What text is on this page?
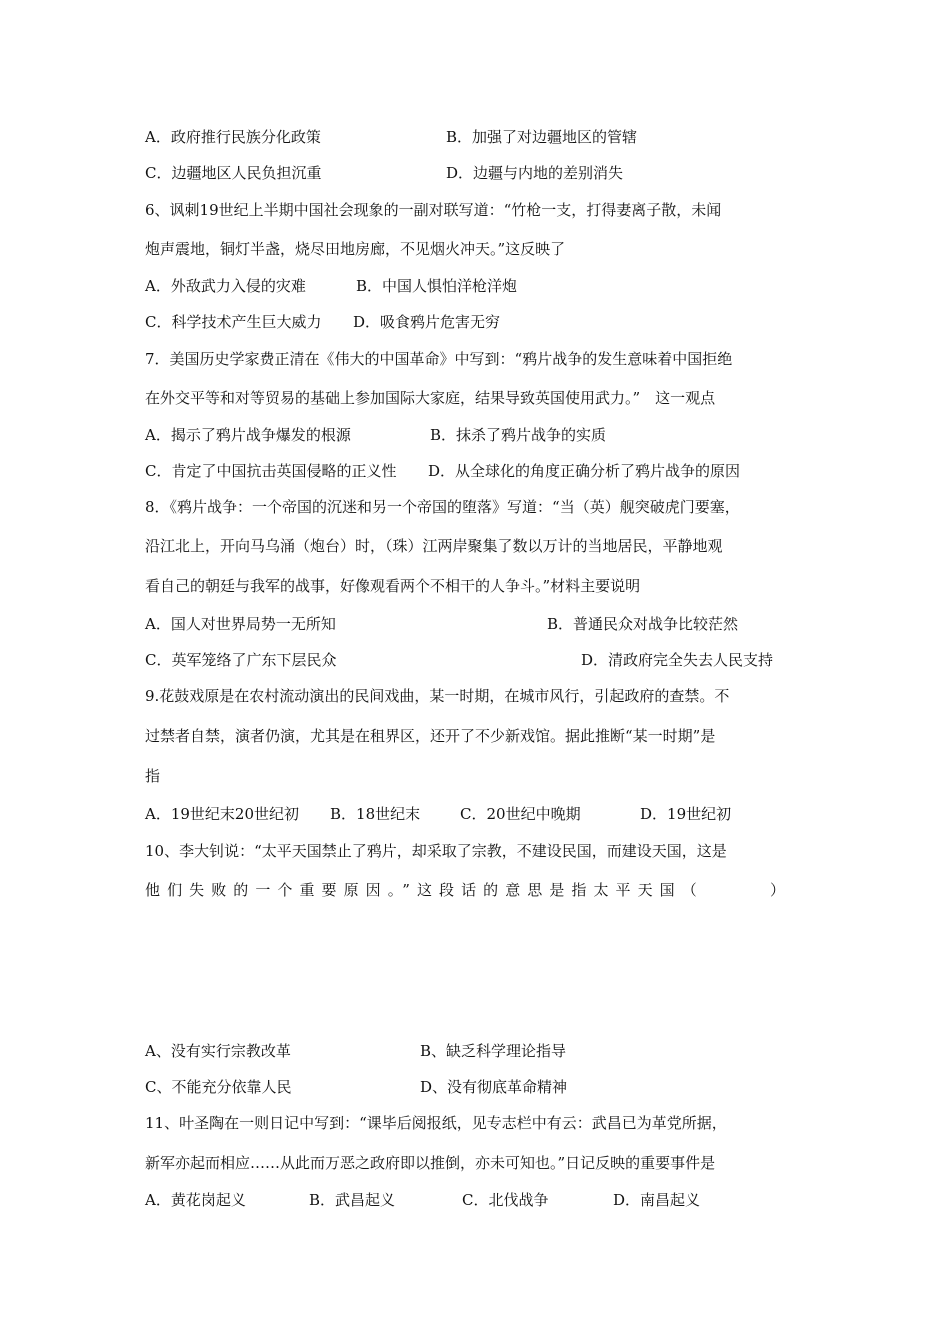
A．政府推行民族分化政策	B．加强了对边疆地区的管辖
C．边疆地区人民负担沉重	D．边疆与内地的差别消失
6、讽刺19世纪上半期中国社会现象的一副对联写道：“竹枪一支，打得妻离子散，未闻
炮声震地，铜灯半盏，烧尽田地房廊，不见烟火冲天。”这反映了
A．外敌武力入侵的灾难	B．中国人惧怕洋枪洋炮
C．科学技术产生巨大威力 D．吸食鸦片危害无穷
7．美国历史学家费正清在《伟大的中国革命》中写到：“鸦片战争的发生意味着中国拒绝
在外交平等和对等贸易的基础上参加国际大家庭，结果导致英国使用武力。”　这一观点
A．揭示了鸦片战争爆发的根源	B．抹杀了鸦片战争的实质
C．肯定了中国抗击英国侵略的正义性 D．从全球化的角度正确分析了鸦片战争的原因
8．《鸦片战争：一个帝国的沉迷和另一个帝国的堕落》写道：“当（英）舰突破虎门要塞，
沿江北上，开向马乌涌（炮台）时，（珠）江两岸聚集了数以万计的当地居民，平静地观
看自己的朝廷与我军的战事，好像观看两个不相干的人争斗。”材料主要说明
A．国人对世界局势一无所知	B．普通民众对战争比较茫然
C．英军笼络了广东下层民众	D．清政府完全失去人民支持
9.花鼓戏原是在农村流动演出的民间戏曲，某一时期，在城市风行，引起政府的查禁。不
过禁者自禁，演者仍演，尤其是在租界区，还开了不少新戏馆。据此推断“某一时期”是
指
A．19世纪末20世纪初 B．18世纪末	C．20世纪中晚期	D．19世纪初
10、李大钊说：“太平天国禁止了鸦片，却采取了宗教，不建设民国，而建设天国，这是
他们失败的一个重要原因。”这段话的意思是指太平天国（　　　）
A、没有实行宗教改革	B、缺乏科学理论指导
C、不能充分依靠人民	D、没有彻底革命精神
11、叶圣陶在一则日记中写到：“课毕后阅报纸，见专志栏中有云：武昌已为革党所据，
新军亦起而相应……从此而万恶之政府即以推倒，亦未可知也。”日记反映的重要事件是
A．黄花岗起义	B．武昌起义	C．北伐战争	D．南昌起义
